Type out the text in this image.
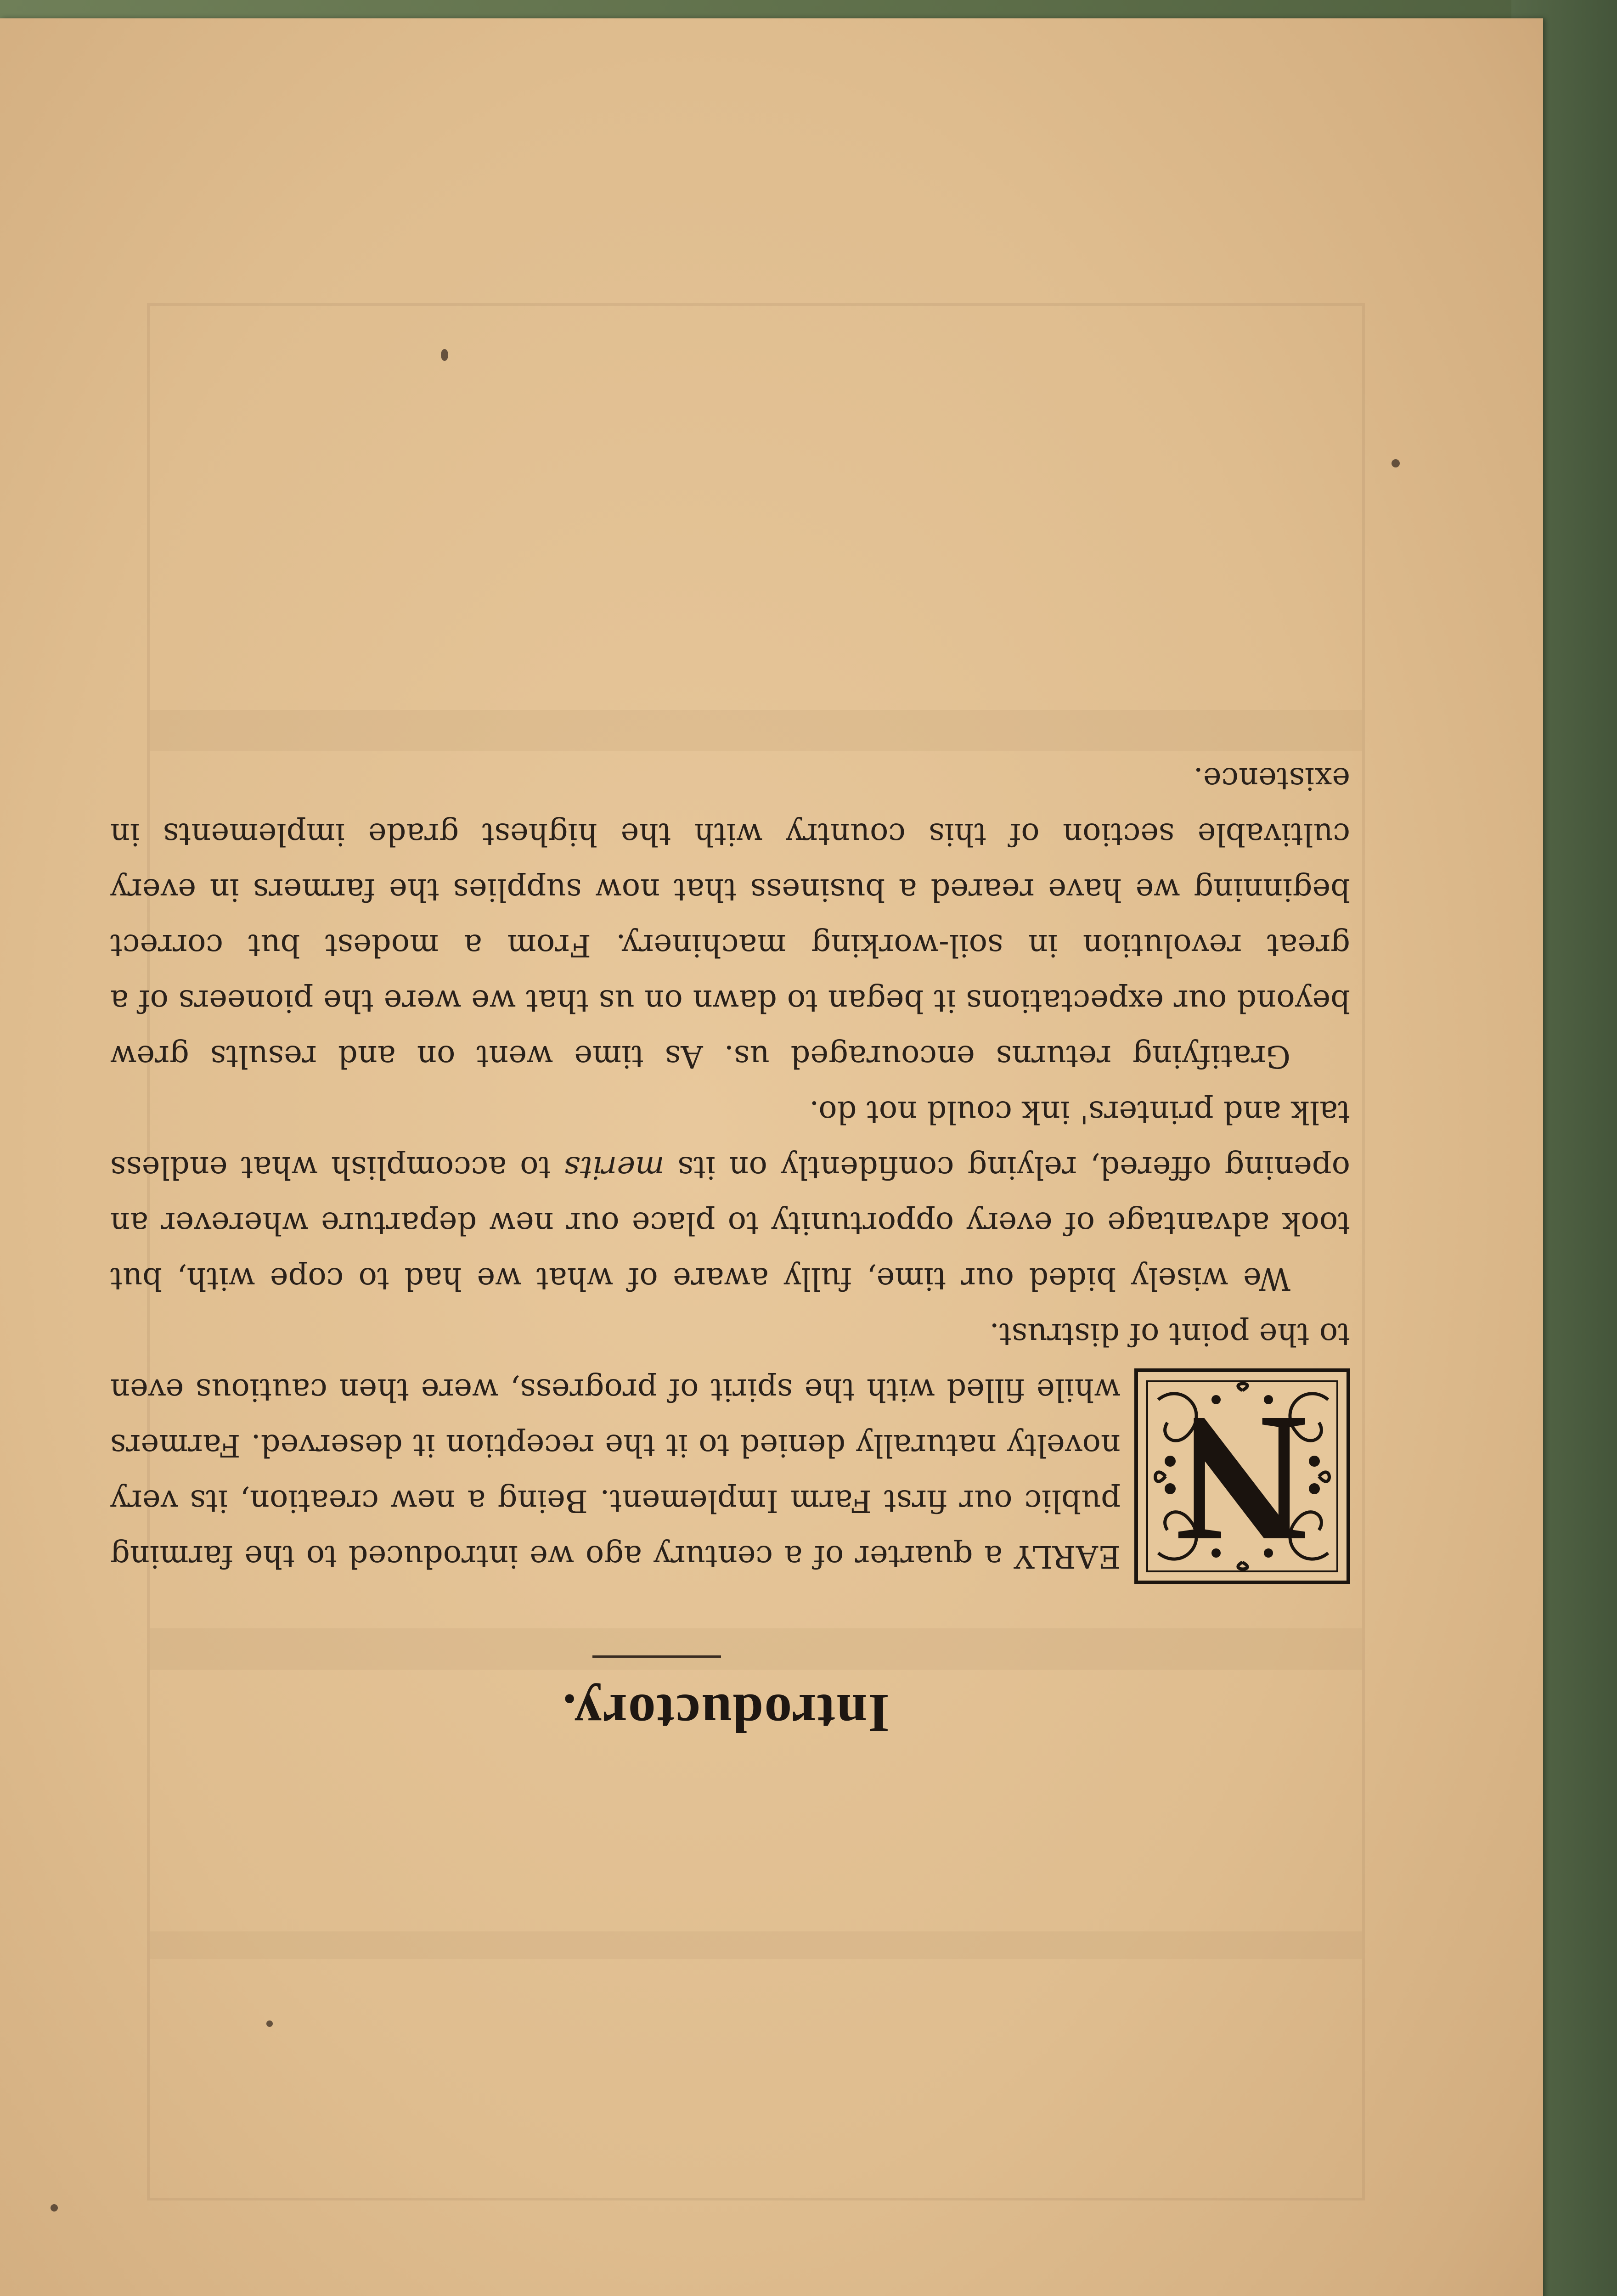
Introductory.
N
EARLY a quarter of a century ago we introduced to the farming public our first Farm Implement. Being a new creation, its very novelty naturally denied to it the reception it deserved. Farmers while filled with the spirit of progress, were then cautious even to the point of distrust.
We wisely bided our time, fully aware of what we had to cope with, but took advantage of every opportunity to place our new departure wherever an opening offered, relying confidently on its merits to accomplish what endless talk and printers' ink could not do.
Gratifying returns encouraged us. As time went on and results grew beyond our expectations it began to dawn on us that we were the pioneers of a great revolution in soil-working machinery. From a modest but correct beginning we have reared a business that now supplies the farmers in every cultivable section of this country with the highest grade implements in existence.
